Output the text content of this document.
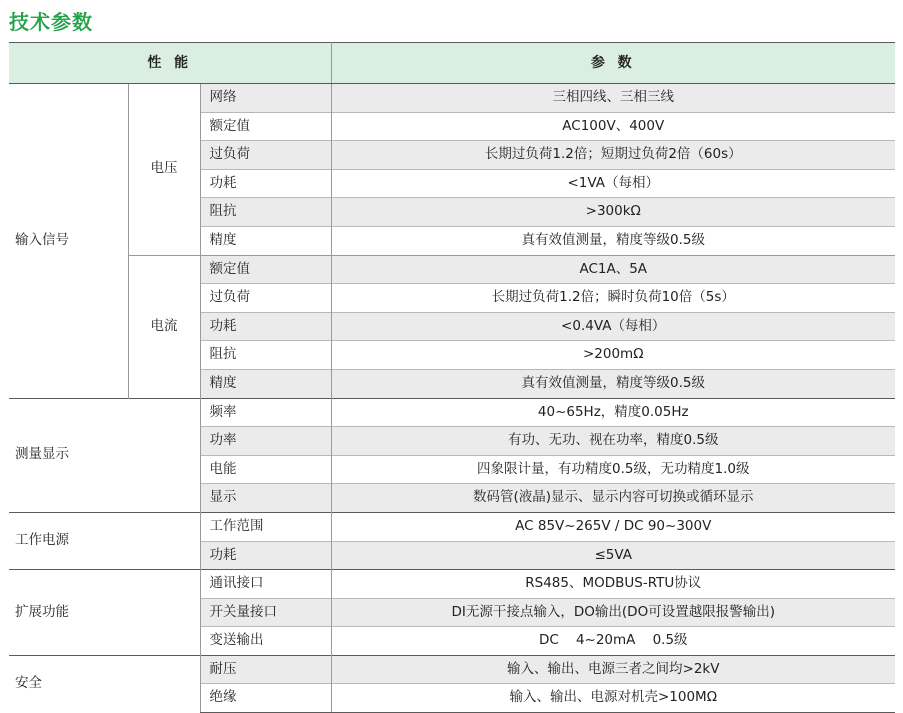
技术参数
性 能			参 数
输入信号	电压	网络	三相四线、三相三线
		额定值	AC100V、400V
		过负荷	长期过负荷1.2倍；短期过负荷2倍（60s）
		功耗	<1VA（每相）
		阻抗	>300kΩ
		精度	真有效值测量，精度等级0.5级
	电流	额定值	AC1A、5A
		过负荷	长期过负荷1.2倍；瞬时负荷10倍（5s）
		功耗	<0.4VA（每相）
		阻抗	>200mΩ
		精度	真有效值测量，精度等级0.5级
测量显示		频率	40~65Hz，精度0.05Hz
		功率	有功、无功、视在功率，精度0.5级
		电能	四象限计量，有功精度0.5级，无功精度1.0级
		显示	数码管(液晶)显示、显示内容可切换或循环显示
工作电源		工作范围	AC 85V~265V / DC 90~300V
		功耗	≤5VA
扩展功能		通讯接口	RS485、MODBUS-RTU协议
		开关量接口	DI无源干接点输入，DO输出(DO可设置越限报警输出)
		变送输出	DC    4~20mA    0.5级
安全		耐压	输入、输出、电源三者之间均>2kV
		绝缘	输入、输出、电源对机壳>100MΩ
